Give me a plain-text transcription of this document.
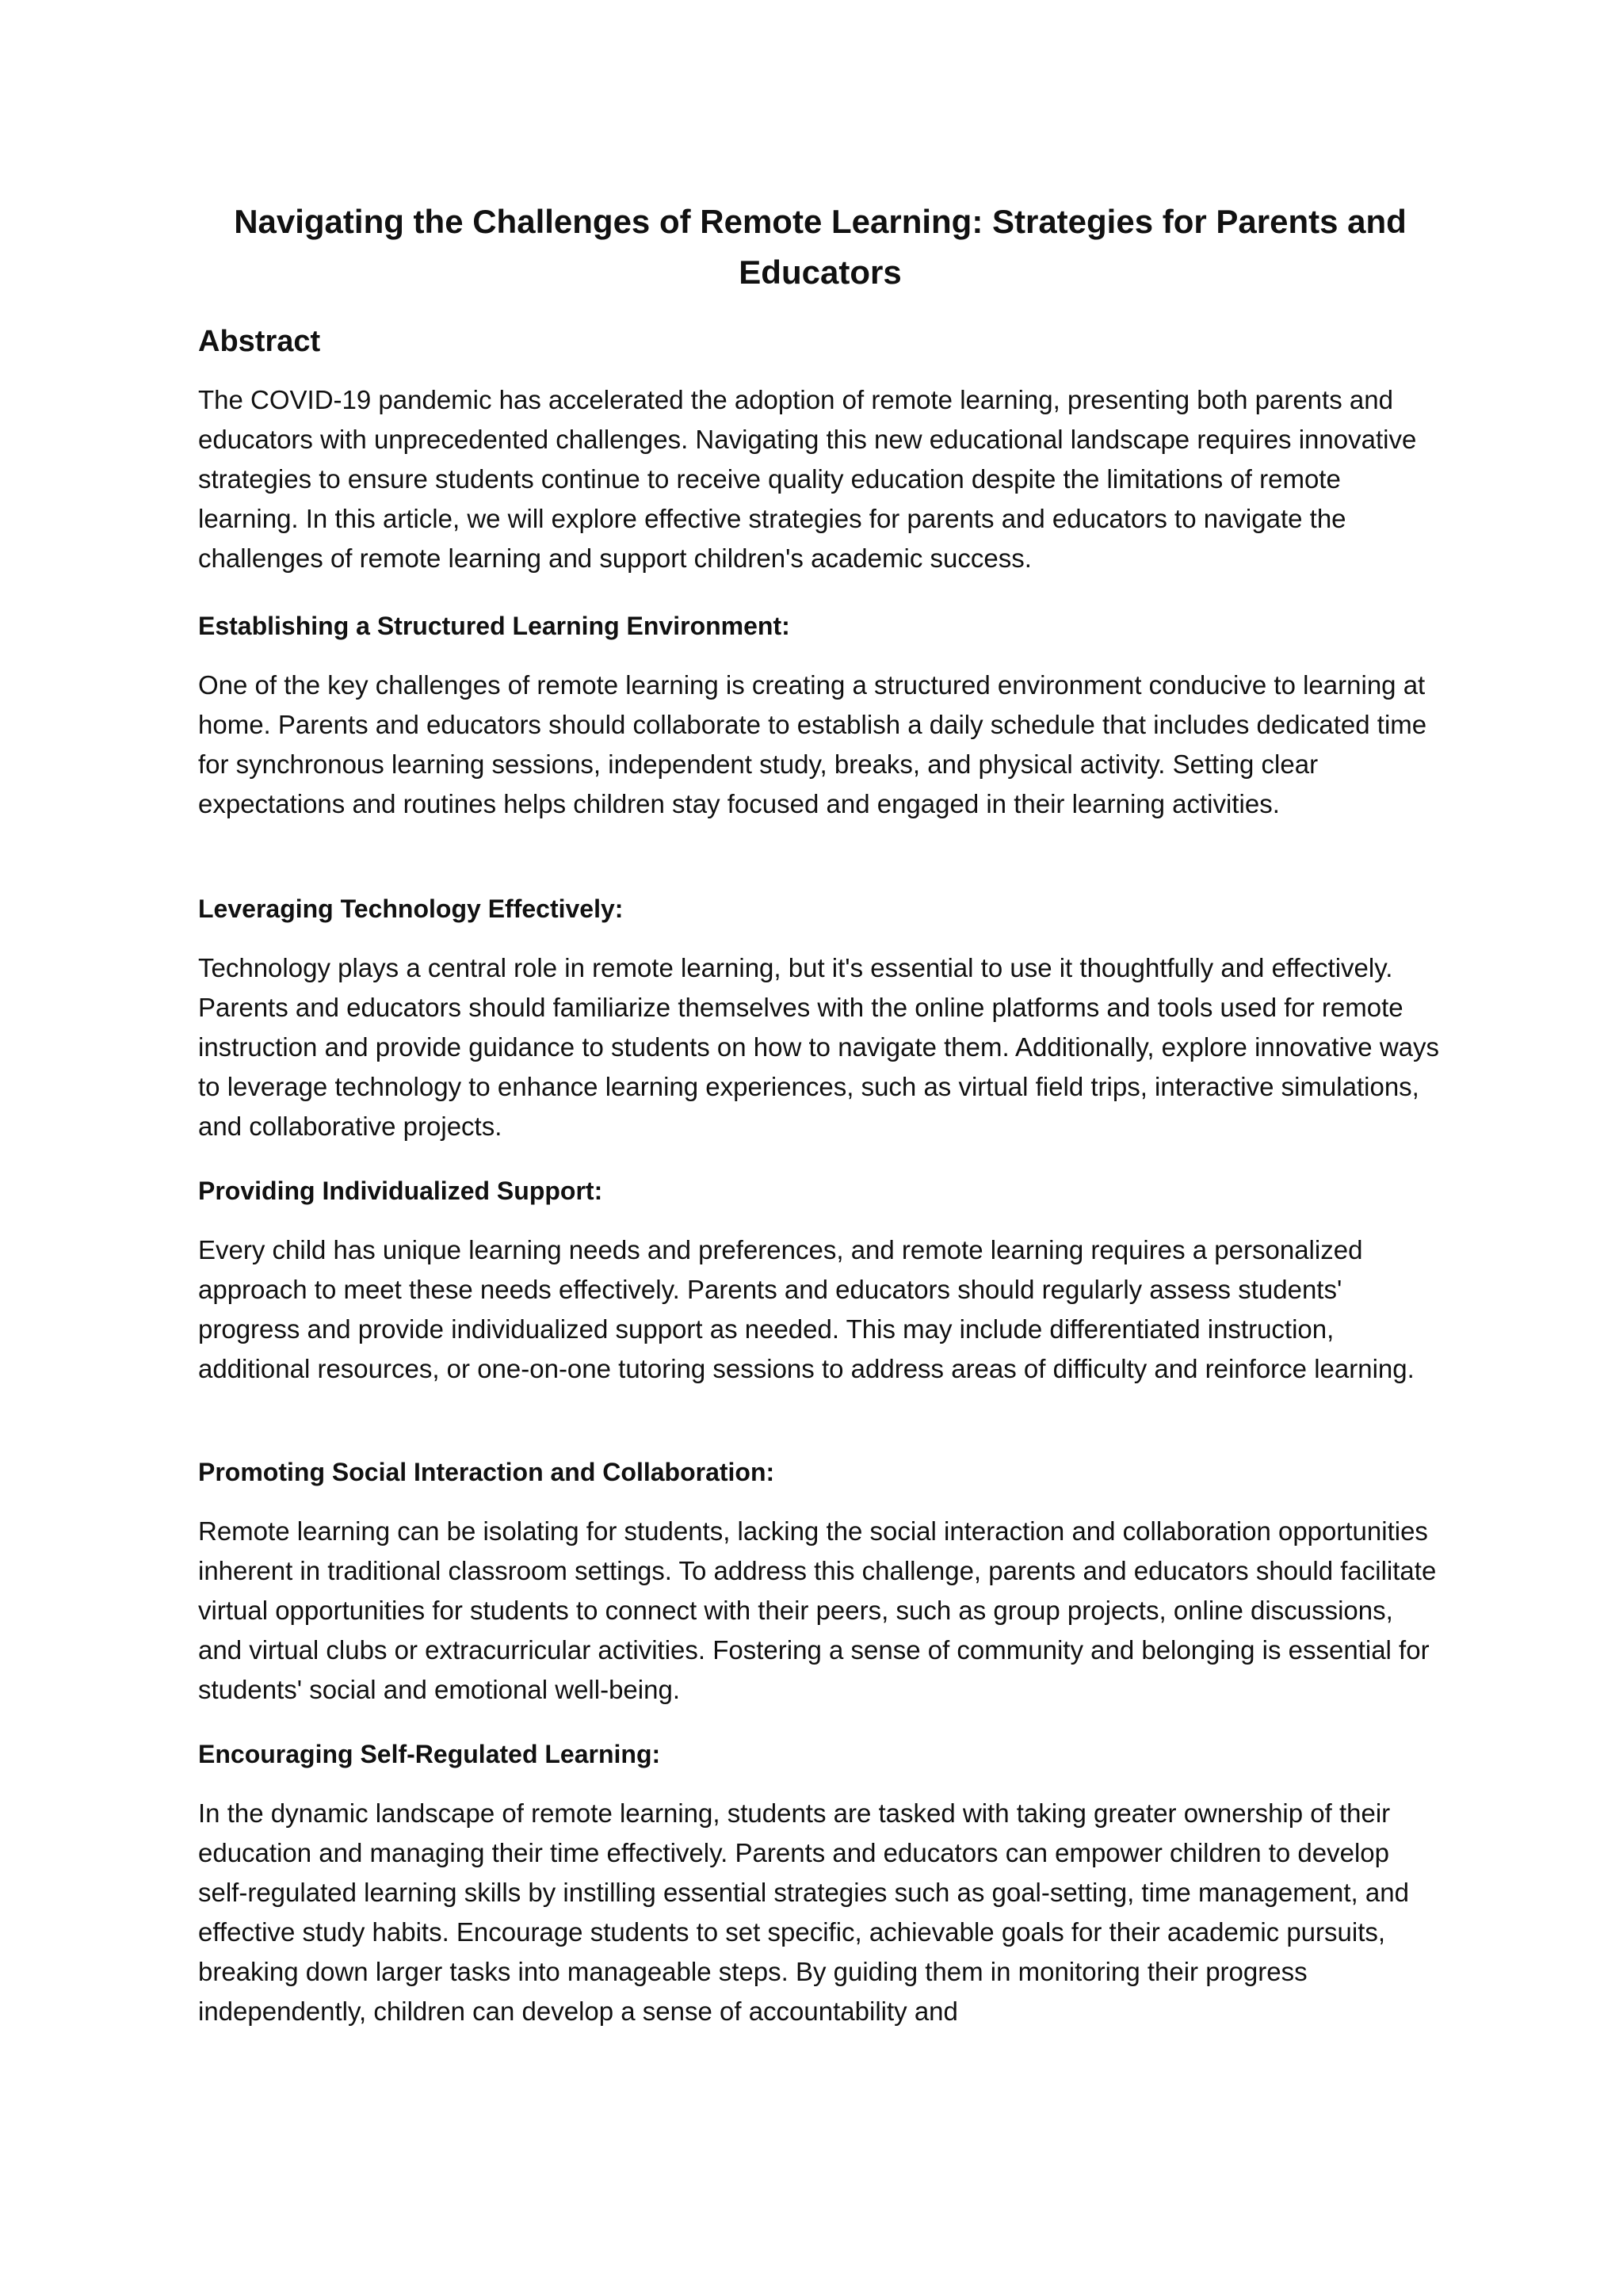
Navigating the Challenges of Remote Learning: Strategies for Parents and Educators
Abstract

The COVID-19 pandemic has accelerated the adoption of remote learning, presenting both parents and educators with unprecedented challenges. Navigating this new educational landscape requires innovative strategies to ensure students continue to receive quality education despite the limitations of remote learning. In this article, we will explore effective strategies for parents and educators to navigate the challenges of remote learning and support children's academic success.

Establishing a Structured Learning Environment:

One of the key challenges of remote learning is creating a structured environment conducive to learning at home. Parents and educators should collaborate to establish a daily schedule that includes dedicated time for synchronous learning sessions, independent study, breaks, and physical activity. Setting clear expectations and routines helps children stay focused and engaged in their learning activities.

Leveraging Technology Effectively:

Technology plays a central role in remote learning, but it's essential to use it thoughtfully and effectively. Parents and educators should familiarize themselves with the online platforms and tools used for remote instruction and provide guidance to students on how to navigate them. Additionally, explore innovative ways to leverage technology to enhance learning experiences, such as virtual field trips, interactive simulations, and collaborative projects.

Providing Individualized Support:

Every child has unique learning needs and preferences, and remote learning requires a personalized approach to meet these needs effectively. Parents and educators should regularly assess students' progress and provide individualized support as needed. This may include differentiated instruction, additional resources, or one-on-one tutoring sessions to address areas of difficulty and reinforce learning.

Promoting Social Interaction and Collaboration:

Remote learning can be isolating for students, lacking the social interaction and collaboration opportunities inherent in traditional classroom settings. To address this challenge, parents and educators should facilitate virtual opportunities for students to connect with their peers, such as group projects, online discussions, and virtual clubs or extracurricular activities. Fostering a sense of community and belonging is essential for students' social and emotional well-being.

Encouraging Self-Regulated Learning:

In the dynamic landscape of remote learning, students are tasked with taking greater ownership of their education and managing their time effectively. Parents and educators can empower children to develop self-regulated learning skills by instilling essential strategies such as goal-setting, time management, and effective study habits. Encourage students to set specific, achievable goals for their academic pursuits, breaking down larger tasks into manageable steps. By guiding them in monitoring their progress independently, children can develop a sense of accountability and
